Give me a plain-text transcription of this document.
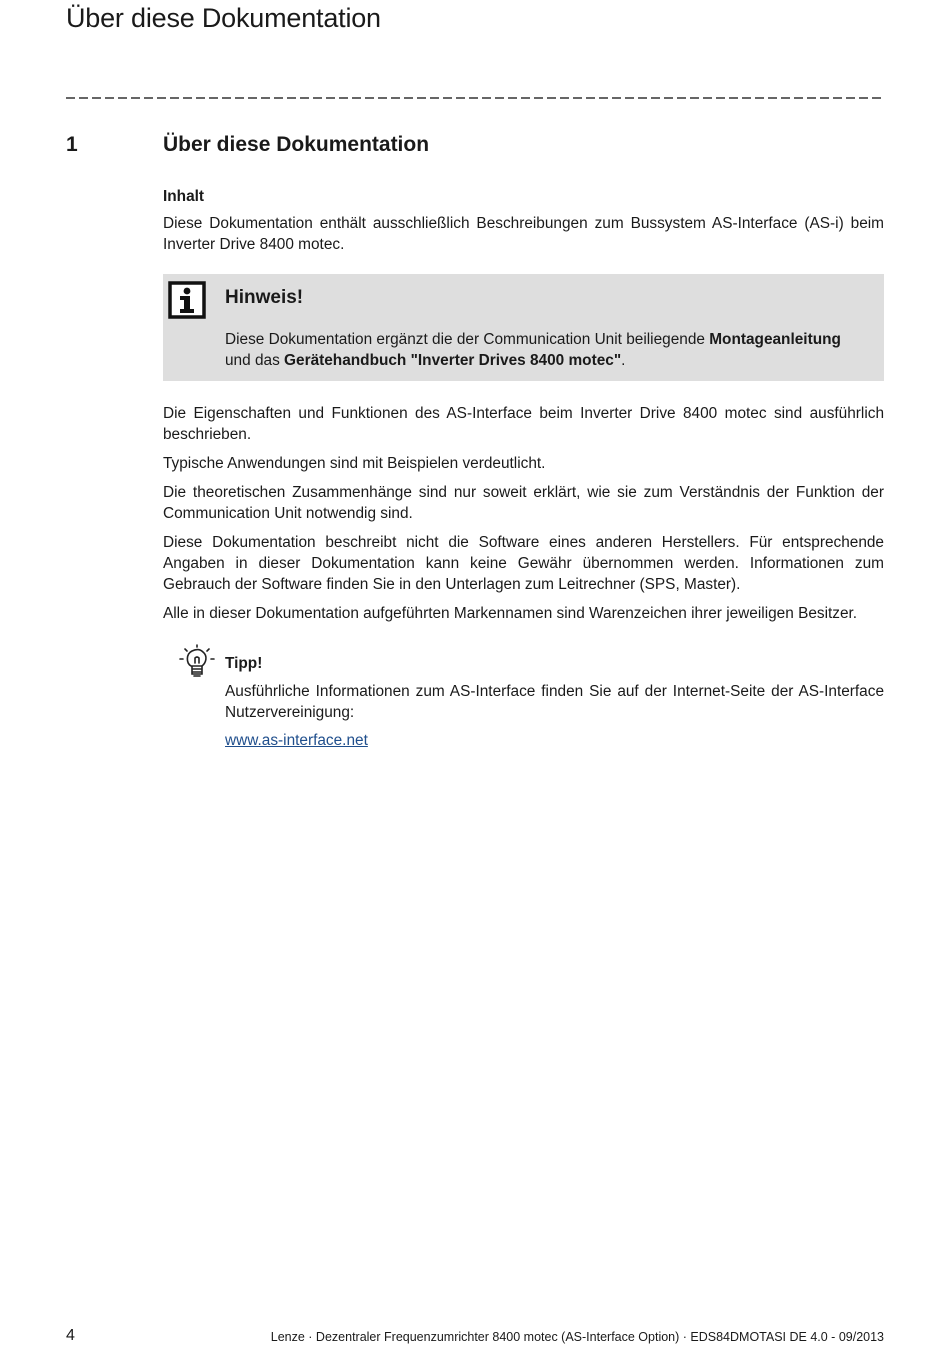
Über diese Dokumentation
1	Über diese Dokumentation
Inhalt

Diese Dokumentation enthält ausschließlich Beschreibungen zum Bussystem AS-Interface (AS-i) beim Inverter Drive 8400 motec.

Hinweis!
Diese Dokumentation ergänzt die der Communication Unit beiliegende Montageanleitung und das Gerätehandbuch "Inverter Drives 8400 motec".

Die Eigenschaften und Funktionen des AS-Interface beim Inverter Drive 8400 motec sind ausführlich beschrieben.

Typische Anwendungen sind mit Beispielen verdeutlicht.

Die theoretischen Zusammenhänge sind nur soweit erklärt, wie sie zum Verständnis der Funktion der Communication Unit notwendig sind.

Diese Dokumentation beschreibt nicht die Software eines anderen Herstellers. Für entsprechende Angaben in dieser Dokumentation kann keine Gewähr übernommen werden. Informationen zum Gebrauch der Software finden Sie in den Unterlagen zum Leitrechner (SPS, Master).

Alle in dieser Dokumentation aufgeführten Markennamen sind Warenzeichen ihrer jeweiligen Besitzer.

Tipp!
Ausführliche Informationen zum AS-Interface finden Sie auf der Internet-Seite der AS-Interface Nutzervereinigung:
www.as-interface.net
4	Lenze · Dezentraler Frequenzumrichter 8400 motec (AS-Interface Option) · EDS84DMOTASI DE 4.0 - 09/2013
